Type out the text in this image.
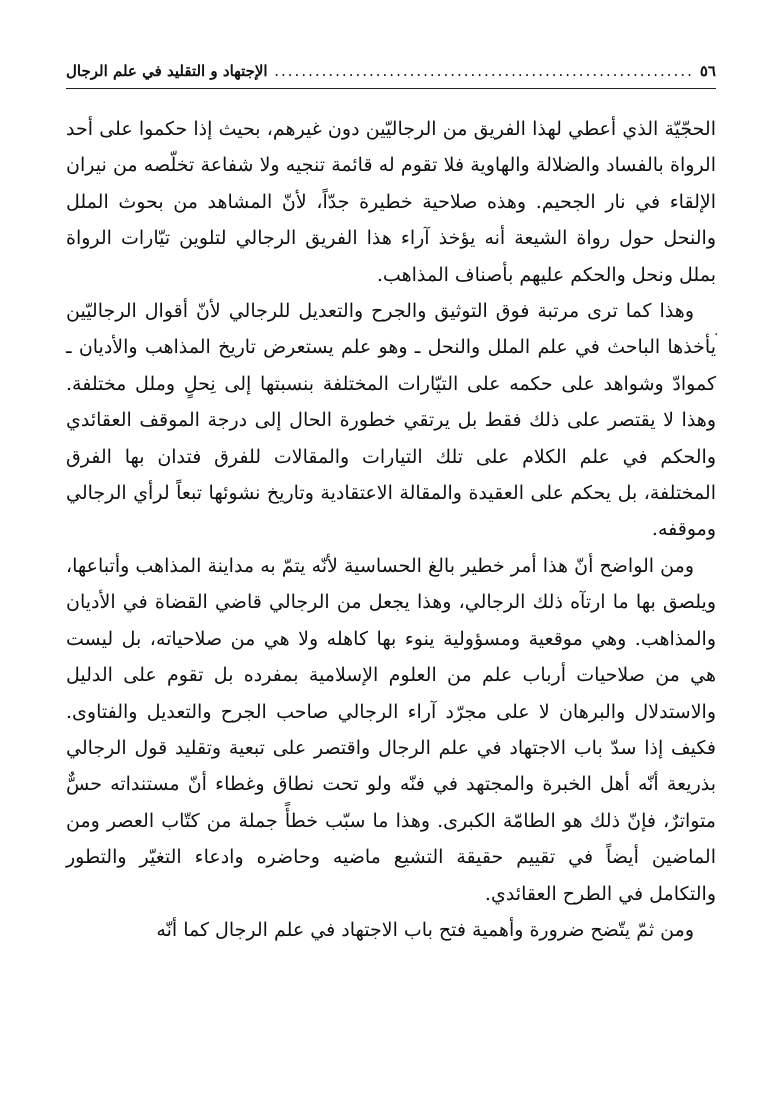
٥٦
.....
الإجتهاد و التقليد في علم الرجال

الحجّيّة الذي أعطي لهذا الفريق من الرجاليّين دون غيرهم، بحيث إذا حكموا على أحد الرواة بالفساد والضلالة والهاوية فلا تقوم له قائمة تنجيه ولا شفاعة تخلّصه من نيران الإلقاء في نار الجحيم. وهذه صلاحية خطيرة جدّاً، لأنّ المشاهد من بحوث الملل والنحل حول رواة الشيعة أنه يؤخذ آراء هذا الفريق الرجالي لتلوين تيّارات الرواة بملل ونحل والحكم عليهم بأصناف المذاهب.

وهذا كما ترى مرتبة فوق التوثيق والجرح والتعديل للرجالي لأنّ أقوال الرجاليّين يأخذها الباحث في علم الملل والنحل ـ وهو علم يستعرض تاريخ المذاهب والأديان ـ كموادّ وشواهد على حكمه على التيّارات المختلفة بنسبتها إلى نِحلٍ وملل مختلفة. وهذا لا يقتصر على ذلك فقط بل يرتقي خطورة الحال إلى درجة الموقف العقائدي والحكم في علم الكلام على تلك التيارات والمقالات للفرق فتدان بها الفرق المختلفة، بل يحكم على العقيدة والمقالة الاعتقادية وتاريخ نشوئها تبعاً لرأي الرجالي وموقفه.

ومن الواضح أنّ هذا أمر خطير بالغ الحساسية لأنّه يتمّ به مداينة المذاهب وأتباعها، ويلصق بها ما ارتآه ذلك الرجالي، وهذا يجعل من الرجالي قاضي القضاة في الأديان والمذاهب. وهي موقعية ومسؤولية ينوء بها كاهله ولا هي من صلاحياته، بل ليست هي من صلاحيات أرباب علم من العلوم الإسلامية بمفرده بل تقوم على الدليل والاستدلال والبرهان لا على مجرّد آراء الرجالي صاحب الجرح والتعديل والفتاوى. فكيف إذا سدّ باب الاجتهاد في علم الرجال واقتصر على تبعية وتقليد قول الرجالي بذريعة أنّه أهل الخبرة والمجتهد في فنّه ولو تحت نطاق وغطاء أنّ مستنداته حسٌّ متواترٌ، فإنّ ذلك هو الطامّة الكبرى. وهذا ما سبّب خطأً جملة من كتّاب العصر ومن الماضين أيضاً في تقييم حقيقة التشيع ماضيه وحاضره وادعاء التغيّر والتطور والتكامل في الطرح العقائدي.

ومن ثمّ يتّضح ضرورة وأهمية فتح باب الاجتهاد في علم الرجال كما أنّه

.
